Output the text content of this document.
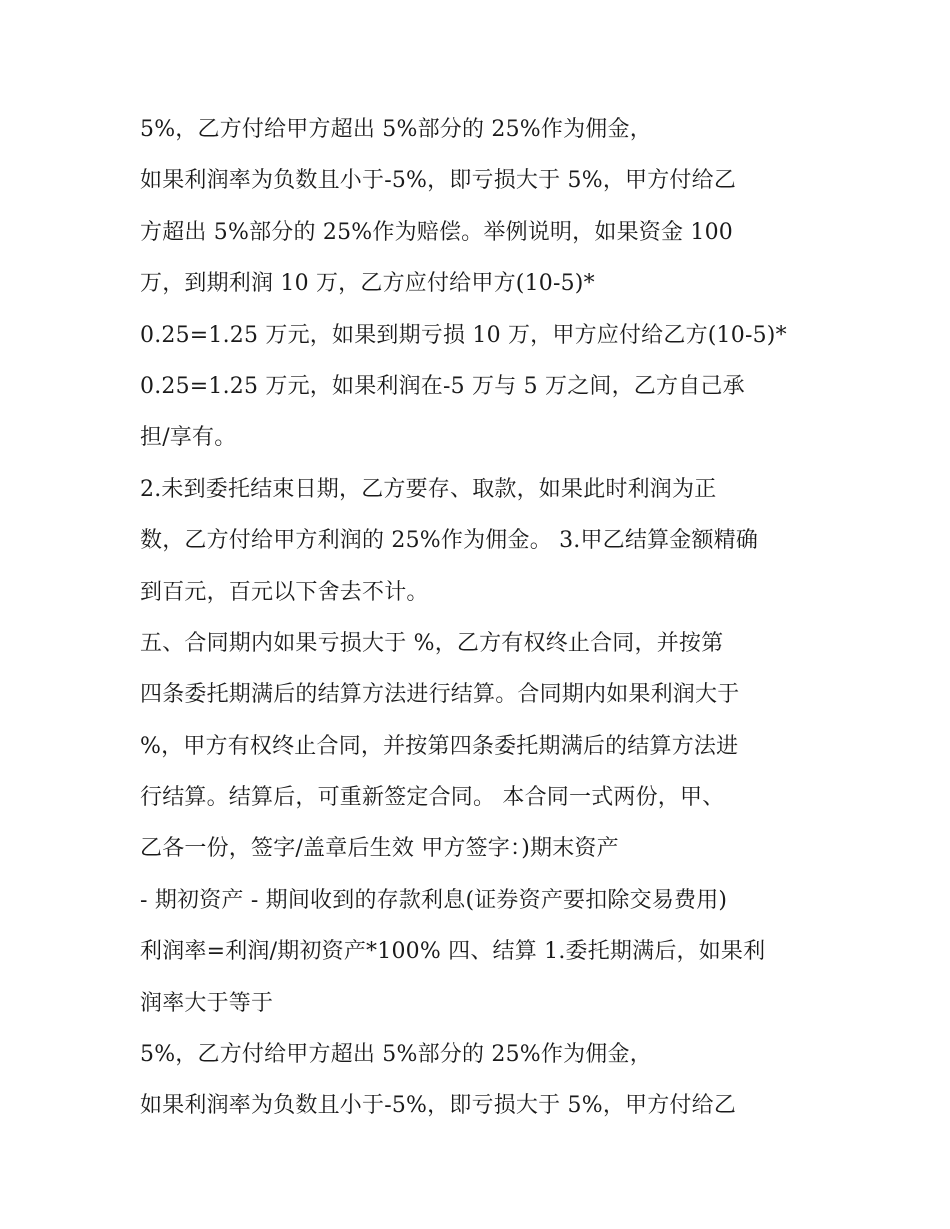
5%，乙方付给甲方超出 5%部分的 25%作为佣金，
如果利润率为负数且小于-5%，即亏损大于 5%，甲方付给乙
方超出 5%部分的 25%作为赔偿。举例说明，如果资金 100
万，到期利润 10 万，乙方应付给甲方(10-5)*
0.25=1.25 万元，如果到期亏损 10 万，甲方应付给乙方(10-5)*
0.25=1.25 万元，如果利润在-5 万与 5 万之间，乙方自己承
担/享有。
2.未到委托结束日期，乙方要存、取款，如果此时利润为正
数，乙方付给甲方利润的 25%作为佣金。 3.甲乙结算金额精确
到百元，百元以下舍去不计。
五、合同期内如果亏损大于 %，乙方有权终止合同，并按第
四条委托期满后的结算方法进行结算。合同期内如果利润大于
%，甲方有权终止合同，并按第四条委托期满后的结算方法进
行结算。结算后，可重新签定合同。 本合同一式两份，甲、
乙各一份，签字/盖章后生效 甲方签字：)期末资产
- 期初资产 - 期间收到的存款利息(证券资产要扣除交易费用)
利润率=利润/期初资产*100% 四、结算 1.委托期满后，如果利
润率大于等于
5%，乙方付给甲方超出 5%部分的 25%作为佣金，
如果利润率为负数且小于-5%，即亏损大于 5%，甲方付给乙
